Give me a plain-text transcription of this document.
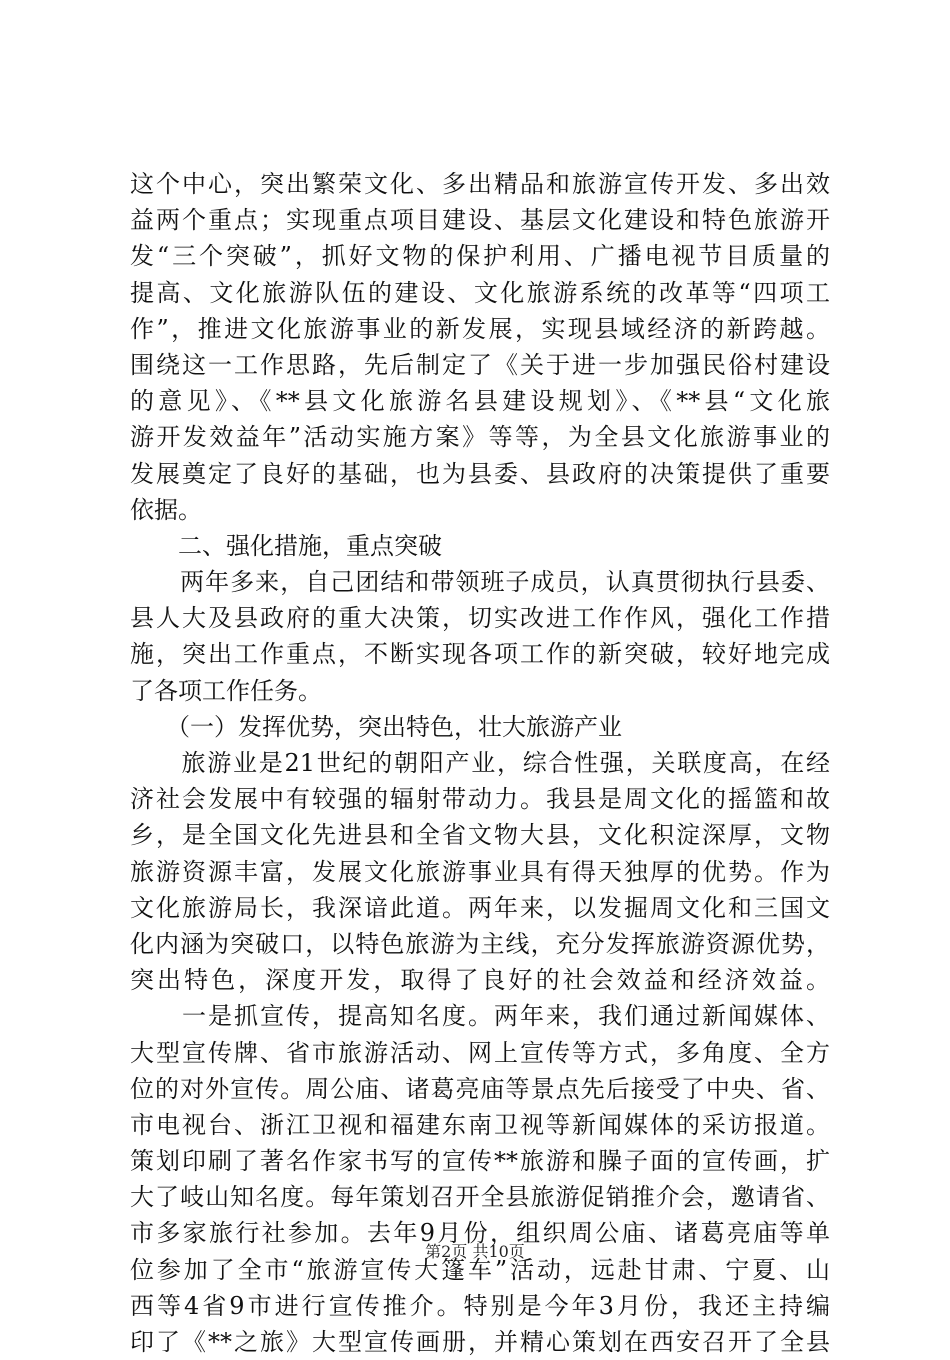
这个中心，突出繁荣文化、多出精品和旅游宣传开发、多出效
益两个重点；实现重点项目建设、基层文化建设和特色旅游开
发“三个突破”，抓好文物的保护利用、广播电视节目质量的
提高、文化旅游队伍的建设、文化旅游系统的改革等“四项工
作”，推进文化旅游事业的新发展，实现县域经济的新跨越。
围绕这一工作思路，先后制定了《关于进一步加强民俗村建设
的意见》、《**县文化旅游名县建设规划》、《**县“文化旅
游开发效益年”活动实施方案》等等，为全县文化旅游事业的
发展奠定了良好的基础，也为县委、县政府的决策提供了重要
依据。
　　二、强化措施，重点突破
　　两年多来，自己团结和带领班子成员，认真贯彻执行县委、
县人大及县政府的重大决策，切实改进工作作风，强化工作措
施，突出工作重点，不断实现各项工作的新突破，较好地完成
了各项工作任务。
　　（一）发挥优势，突出特色，壮大旅游产业
　　旅游业是21世纪的朝阳产业，综合性强，关联度高，在经
济社会发展中有较强的辐射带动力。我县是周文化的摇篮和故
乡，是全国文化先进县和全省文物大县，文化积淀深厚，文物
旅游资源丰富，发展文化旅游事业具有得天独厚的优势。作为
文化旅游局长，我深谙此道。两年来，以发掘周文化和三国文
化内涵为突破口，以特色旅游为主线，充分发挥旅游资源优势，
突出特色，深度开发，取得了良好的社会效益和经济效益。
　　一是抓宣传，提高知名度。两年来，我们通过新闻媒体、
大型宣传牌、省市旅游活动、网上宣传等方式，多角度、全方
位的对外宣传。周公庙、诸葛亮庙等景点先后接受了中央、省、
市电视台、浙江卫视和福建东南卫视等新闻媒体的采访报道。
策划印刷了著名作家书写的宣传**旅游和臊子面的宣传画，扩
大了岐山知名度。每年策划召开全县旅游促销推介会，邀请省、
市多家旅行社参加。去年9月份，组织周公庙、诸葛亮庙等单
位参加了全市“旅游宣传大篷车”活动，远赴甘肃、宁夏、山
西等4省9市进行宣传推介。特别是今年3月份，我还主持编
印了《**之旅》大型宣传画册，并精心策划在西安召开了全县
第2页 共10页
